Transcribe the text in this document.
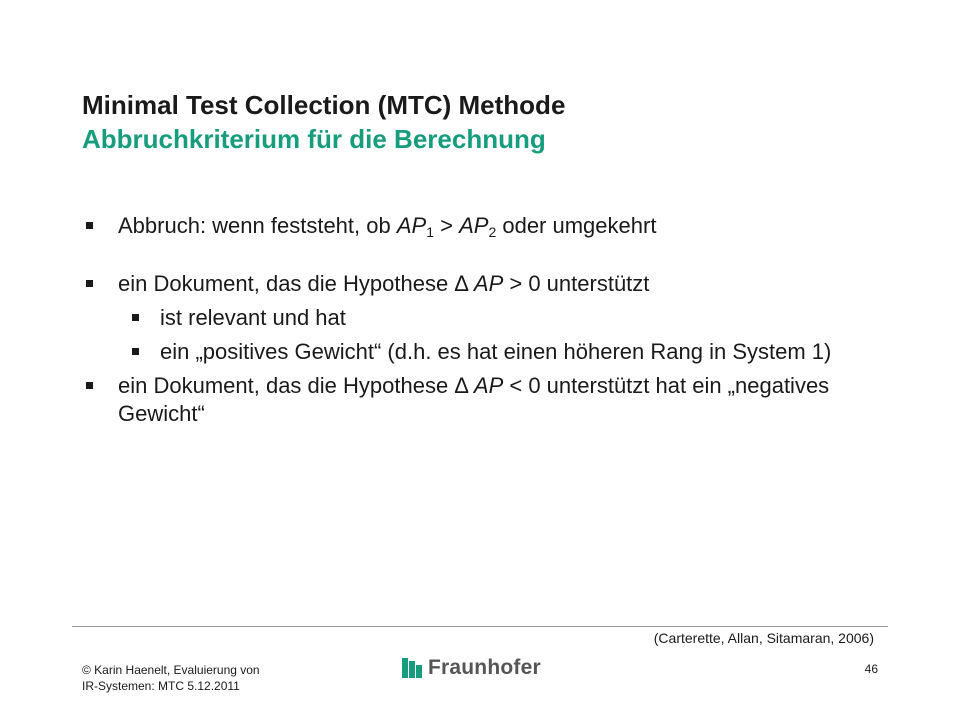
Minimal Test Collection (MTC) Methode
Abbruchkriterium für die Berechnung
Abbruch: wenn feststeht, ob $AP_1 > AP_2$ oder umgekehrt
ein Dokument, das die Hypothese Δ AP > 0 unterstützt
ist relevant und hat
ein „positives Gewicht“ (d.h. es hat einen höheren Rang in System 1)
ein Dokument, das die Hypothese Δ AP < 0 unterstützt hat ein „negatives Gewicht“
(Carterette, Allan, Sitamaran, 2006)
© Karin Haenelt, Evaluierung von
IR-Systemen: MTC 5.12.2011
Fraunhofer	46
